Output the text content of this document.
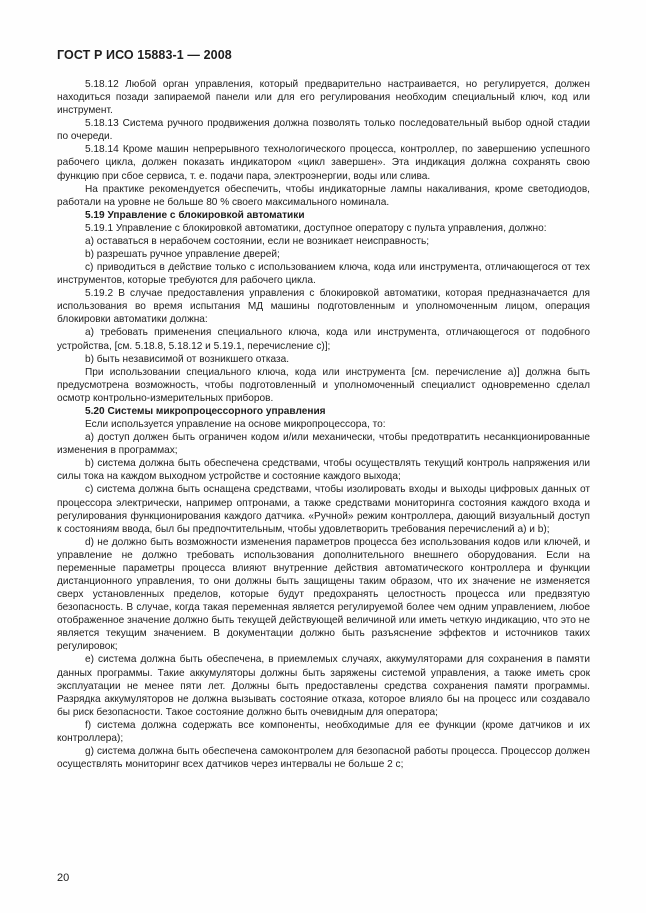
ГОСТ Р ИСО 15883-1 — 2008

5.18.12 Любой орган управления, который предварительно настраивается, но регулируется, должен находиться позади запираемой панели или для его регулирования необходим специальный ключ, код или инструмент.

5.18.13 Система ручного продвижения должна позволять только последовательный выбор одной стадии по очереди.

5.18.14 Кроме машин непрерывного технологического процесса, контроллер, по завершению успешного рабочего цикла, должен показать индикатором «цикл завершен». Эта индикация должна сохранять свою функцию при сбое сервиса, т. е. подачи пара, электроэнергии, воды или слива.

На практике рекомендуется обеспечить, чтобы индикаторные лампы накаливания, кроме светодиодов, работали на уровне не больше 80 % своего максимального номинала.

5.19 Управление с блокировкой автоматики

5.19.1 Управление с блокировкой автоматики, доступное оператору с пульта управления, должно:

а) оставаться в нерабочем состоянии, если не возникает неисправность;

b) разрешать ручное управление дверей;

с) приводиться в действие только с использованием ключа, кода или инструмента, отличающегося от тех инструментов, которые требуются для рабочего цикла.

5.19.2 В случае предоставления управления с блокировкой автоматики, которая предназначается для использования во время испытания МД машины подготовленным и уполномоченным лицом, операция блокировки автоматики должна:

а) требовать применения специального ключа, кода или инструмента, отличающегося от подобного устройства, [см. 5.18.8, 5.18.12 и 5.19.1, перечисление с)];

b) быть независимой от возникшего отказа.

При использовании специального ключа, кода или инструмента [см. перечисление а)] должна быть предусмотрена возможность, чтобы подготовленный и уполномоченный специалист одновременно сделал осмотр контрольно-измерительных приборов.

5.20 Системы микропроцессорного управления

Если используется управление на основе микропроцессора, то:

а) доступ должен быть ограничен кодом и/или механически, чтобы предотвратить несанкционированные изменения в программах;

b) система должна быть обеспечена средствами, чтобы осуществлять текущий контроль напряжения или силы тока на каждом выходном устройстве и состояние каждого выхода;

с) система должна быть оснащена средствами, чтобы изолировать входы и выходы цифровых данных от процессора электрически, например оптронами, а также средствами мониторинга состояния каждого входа и регулирования функционирования каждого датчика. «Ручной» режим контроллера, дающий визуальный доступ к состояниям ввода, был бы предпочтительным, чтобы удовлетворить требования перечислений а) и b);

d) не должно быть возможности изменения параметров процесса без использования кодов или ключей, и управление не должно требовать использования дополнительного внешнего оборудования. Если на переменные параметры процесса влияют внутренние действия автоматического контроллера и функции дистанционного управления, то они должны быть защищены таким образом, что их значение не изменяется сверх установленных пределов, которые будут предохранять целостность процесса или предвзятую безопасность. В случае, когда такая переменная является регулируемой более чем одним управлением, любое отображенное значение должно быть текущей действующей величиной или иметь четкую индикацию, что это не является текущим значением. В документации должно быть разъяснение эффектов и источников таких регулировок;

е) система должна быть обеспечена, в приемлемых случаях, аккумуляторами для сохранения в памяти данных программы. Такие аккумуляторы должны быть заряжены системой управления, а также иметь срок эксплуатации не менее пяти лет. Должны быть предоставлены средства сохранения памяти программы. Разрядка аккумуляторов не должна вызывать состояние отказа, которое влияло бы на процесс или создавало бы риск безопасности. Такое состояние должно быть очевидным для оператора;

f) система должна содержать все компоненты, необходимые для ее функции (кроме датчиков и их контроллера);

g) система должна быть обеспечена самоконтролем для безопасной работы процесса. Процессор должен осуществлять мониторинг всех датчиков через интервалы не больше 2 с;

20
